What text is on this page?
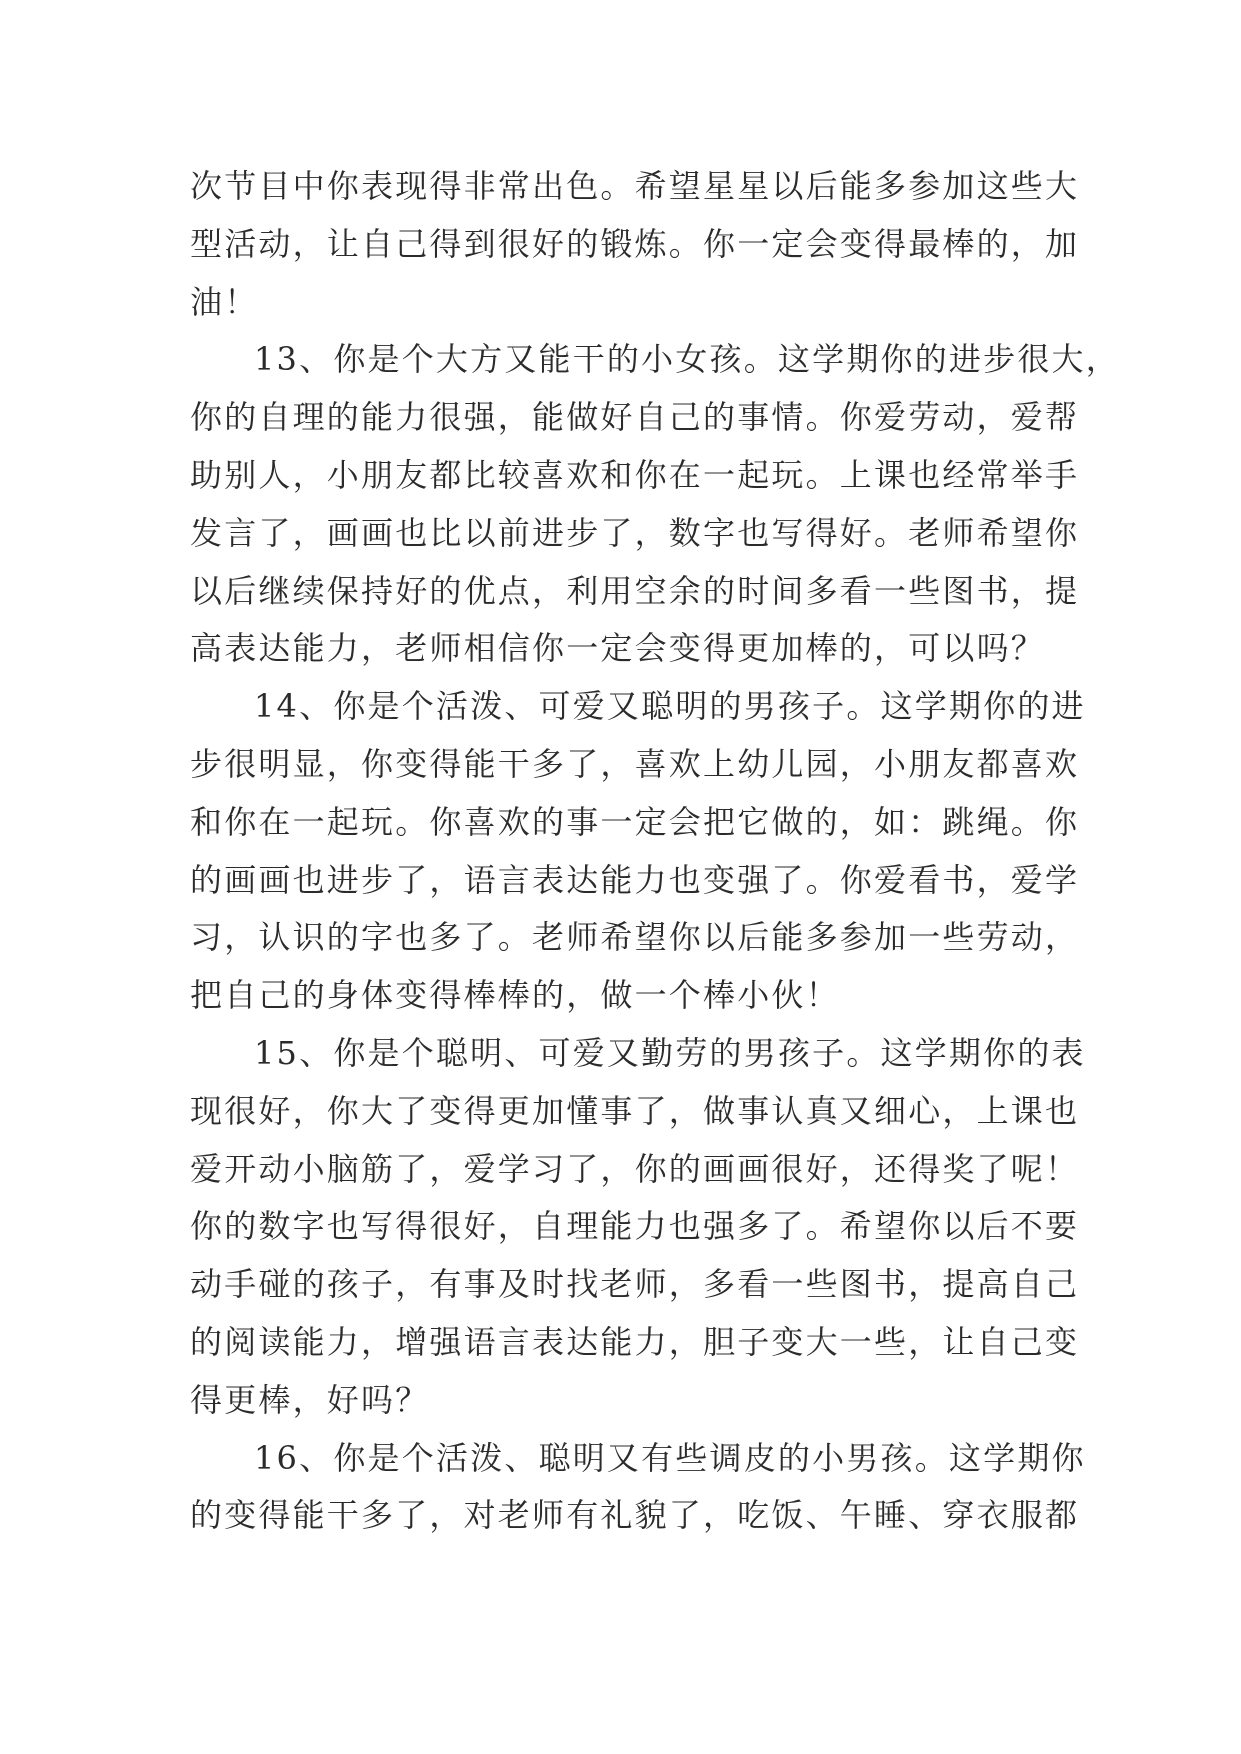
次节目中你表现得非常出色。希望星星以后能多参加这些大
型活动，让自己得到很好的锻炼。你一定会变得最棒的，加
油！
13、你是个大方又能干的小女孩。这学期你的进步很大，
你的自理的能力很强，能做好自己的事情。你爱劳动，爱帮
助别人，小朋友都比较喜欢和你在一起玩。上课也经常举手
发言了，画画也比以前进步了，数字也写得好。老师希望你
以后继续保持好的优点，利用空余的时间多看一些图书，提
高表达能力，老师相信你一定会变得更加棒的，可以吗？
14、你是个活泼、可爱又聪明的男孩子。这学期你的进
步很明显，你变得能干多了，喜欢上幼儿园，小朋友都喜欢
和你在一起玩。你喜欢的事一定会把它做的，如：跳绳。你
的画画也进步了，语言表达能力也变强了。你爱看书，爱学
习，认识的字也多了。老师希望你以后能多参加一些劳动，
把自己的身体变得棒棒的，做一个棒小伙！
15、你是个聪明、可爱又勤劳的男孩子。这学期你的表
现很好，你大了变得更加懂事了，做事认真又细心，上课也
爱开动小脑筋了，爱学习了，你的画画很好，还得奖了呢！
你的数字也写得很好，自理能力也强多了。希望你以后不要
动手碰的孩子，有事及时找老师，多看一些图书，提高自己
的阅读能力，增强语言表达能力，胆子变大一些，让自己变
得更棒，好吗？
16、你是个活泼、聪明又有些调皮的小男孩。这学期你
的变得能干多了，对老师有礼貌了，吃饭、午睡、穿衣服都
